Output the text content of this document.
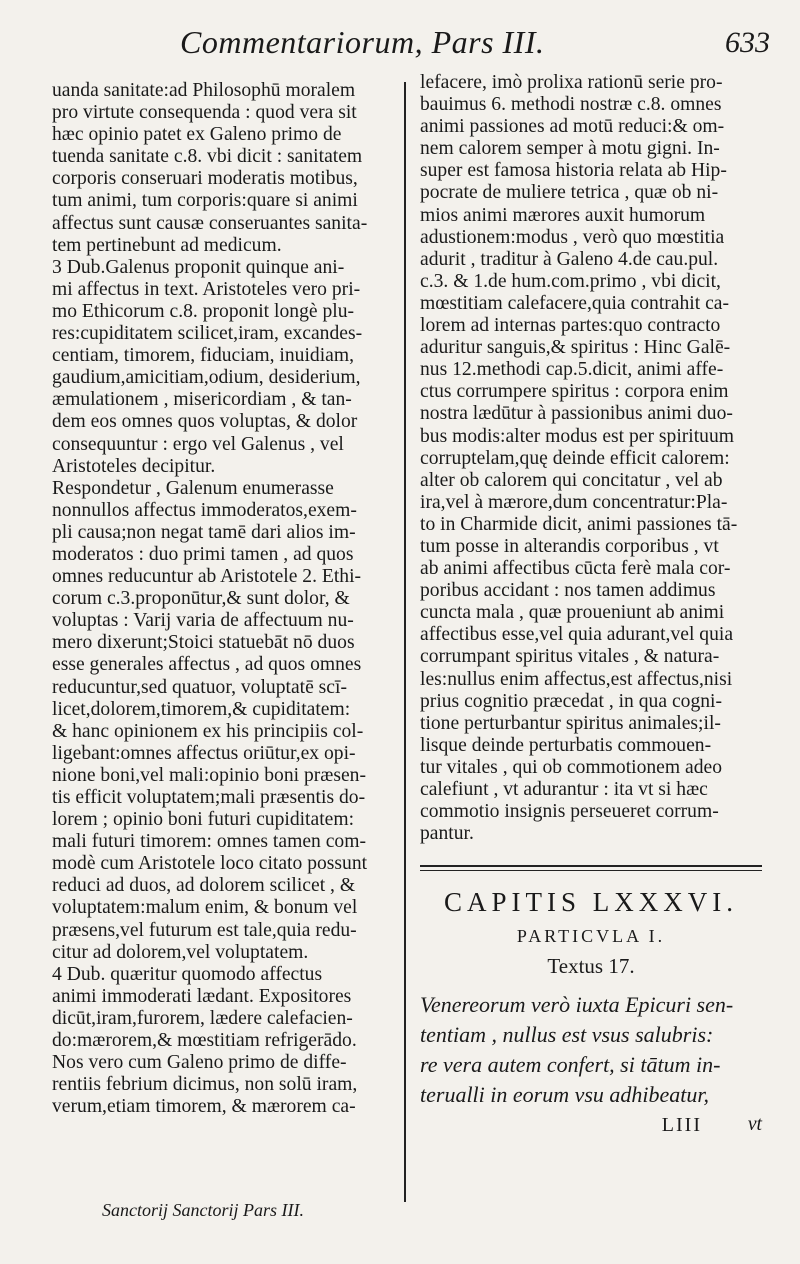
Commentariorum, Pars III.	633
uanda sanitate:ad Philosophū moralem
pro virtute consequenda : quod vera sit
hæc opinio patet ex Galeno primo de
tuenda sanitate c.8. vbi dicit : sanitatem
corporis conseruari moderatis motibus,
tum animi, tum corporis:quare si animi
affectus sunt causæ conseruantes sanita-
tem pertinebunt ad medicum.
3 Dub.Galenus proponit quinque ani-
mi affectus in text. Aristoteles vero pri-
mo Ethicorum c.8. proponit longè plu-
res:cupiditatem scilicet,iram, excandes-
centiam, timorem, fiduciam, inuidiam,
gaudium,amicitiam,odium, desiderium,
æmulationem , misericordiam , & tan-
dem eos omnes quos voluptas, & dolor
consequuntur : ergo vel Galenus , vel
Aristoteles decipitur.
Respondetur , Galenum enumerasse
nonnullos affectus immoderatos,exem-
pli causa;non negat tamē dari alios im-
moderatos : duo primi tamen , ad quos
omnes reducuntur ab Aristotele 2. Ethi-
corum c.3.proponūtur,& sunt dolor, &
voluptas : Varij varia de affectuum nu-
mero dixerunt;Stoici statuebāt nō duos
esse generales affectus , ad quos omnes
reducuntur,sed quatuor, voluptatē scī-
licet,dolorem,timorem,& cupiditatem:
& hanc opinionem ex his principiis col-
ligebant:omnes affectus oriūtur,ex opi-
nione boni,vel mali:opinio boni præsen-
tis efficit voluptatem;mali præsentis do-
lorem ; opinio boni futuri cupiditatem:
mali futuri timorem: omnes tamen com-
modè cum Aristotele loco citato possunt
reduci ad duos, ad dolorem scilicet , &
voluptatem:malum enim, & bonum vel
præsens,vel futurum est tale,quia redu-
citur ad dolorem,vel voluptatem.
4 Dub. quæritur quomodo affectus
animi immoderati lædant. Expositores
dicūt,iram,furorem, lædere calefacien-
do:mærorem,& mœstitiam refrigerādo.
Nos vero cum Galeno primo de diffe-
rentiis febrium dicimus, non solū iram,
verum,etiam timorem, & mærorem ca-
lefacere, imò prolixa rationū serie pro-
bauimus 6. methodi nostræ c.8. omnes
animi passiones ad motū reduci:& om-
nem calorem semper à motu gigni. In-
super est famosa historia relata ab Hip-
pocrate de muliere tetrica , quæ ob ni-
mios animi mærores auxit humorum
adustionem:modus , verò quo mœstitia
adurit , traditur à Galeno 4.de cau.pul.
c.3. & 1.de hum.com.primo , vbi dicit,
mœstitiam calefacere,quia contrahit ca-
lorem ad internas partes:quo contracto
aduritur sanguis,& spiritus : Hinc Galē-
nus 12.methodi cap.5.dicit, animi affe-
ctus corrumpere spiritus : corpora enim
nostra lædūtur à passionibus animi duo-
bus modis:alter modus est per spirituum
corruptelam,quę deinde efficit calorem:
alter ob calorem qui concitatur , vel ab
ira,vel à mærore,dum concentratur:Pla-
to in Charmide dicit, animi passiones tā-
tum posse in alterandis corporibus , vt
ab animi affectibus cūcta ferè mala cor-
poribus accidant : nos tamen addimus
cuncta mala , quæ proueniunt ab animi
affectibus esse,vel quia adurant,vel quia
corrumpant spiritus vitales , & natura-
les:nullus enim affectus,est affectus,nisi
prius cognitio præcedat , in qua cogni-
tione perturbantur spiritus animales;il-
lisque deinde perturbatis commouen-
tur vitales , qui ob commotionem adeo
calefiunt , vt adurantur : ita vt si hæc
commotio insignis perseueret corrum-
pantur.
CAPITIS LXXXVI.
PARTICVLA I.
Textus 17.
Venereorum verò iuxta Epicuri sen-
tentiam , nullus est vsus salubris:
re vera autem confert, si tātum in-
terualli in eorum vsu adhibeatur,
LIII vt
Sanctorij Sanctorij Pars III.
